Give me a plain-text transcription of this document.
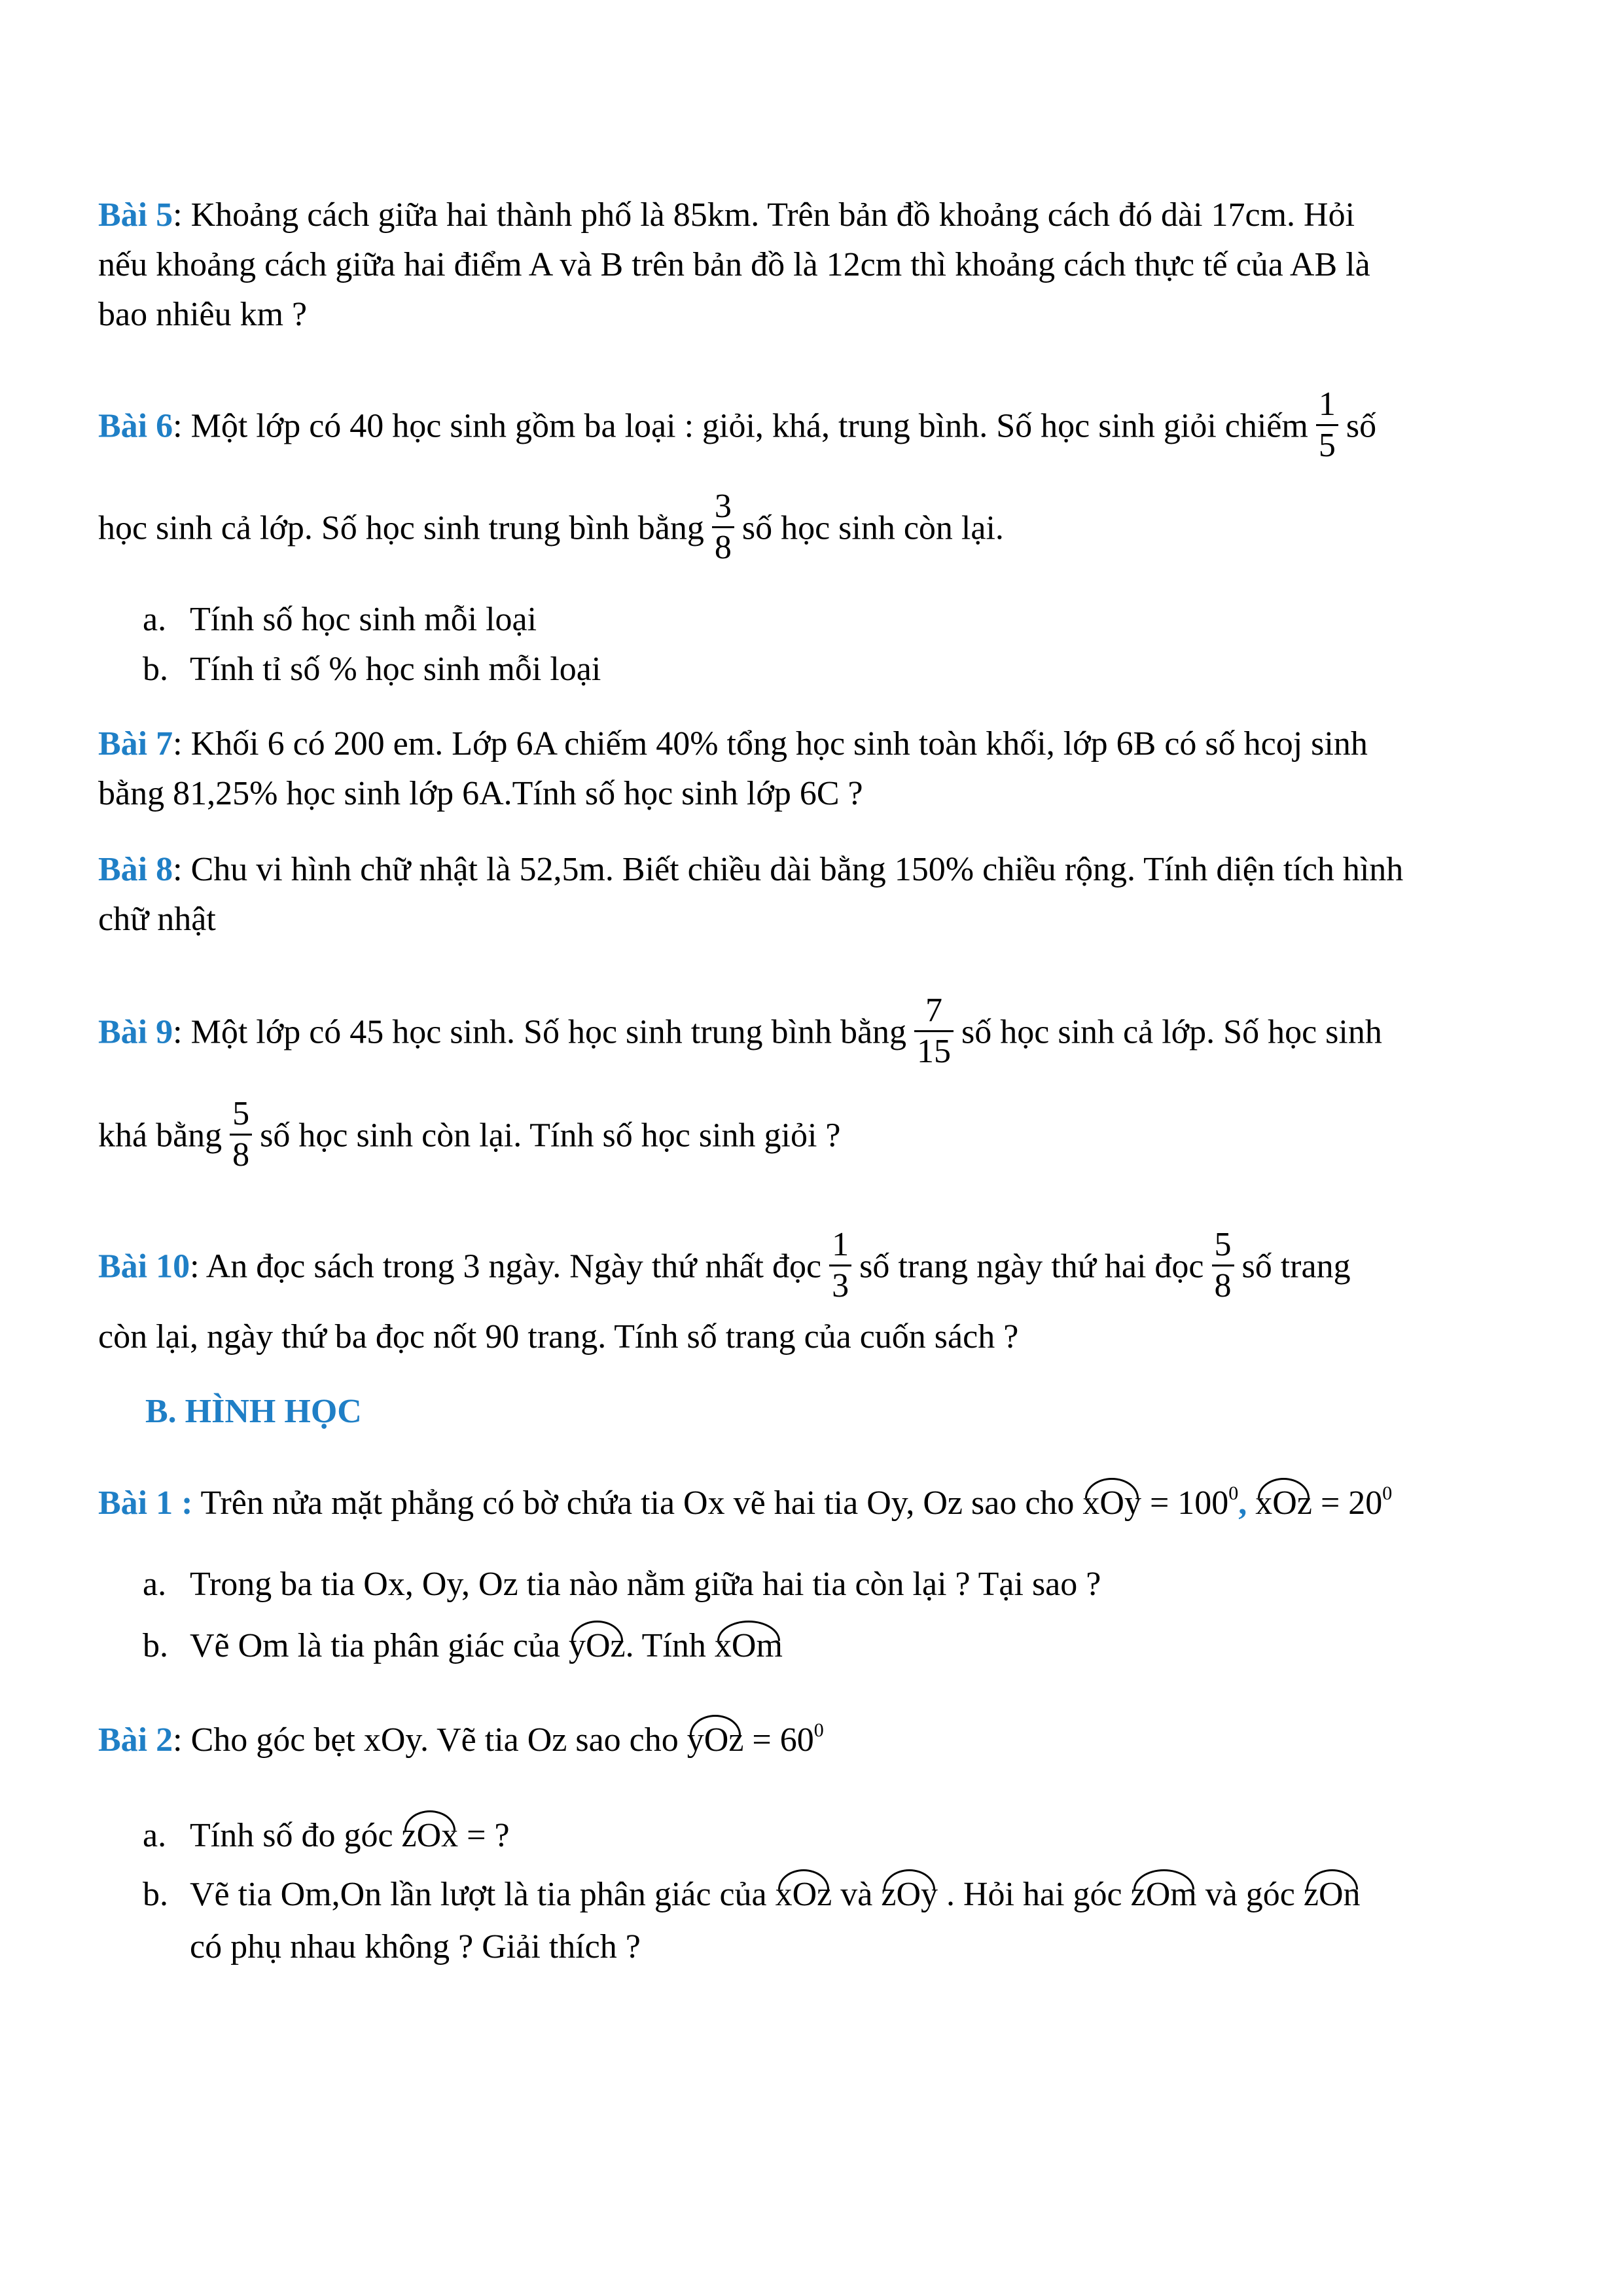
Bài 5: Khoảng cách giữa hai thành phố là 85km. Trên bản đồ khoảng cách đó dài 17cm. Hỏi
nếu khoảng cách giữa hai điểm A và B trên bản đồ là 12cm thì khoảng cách thực tế của AB là
bao nhiêu km ?
Bài 6: Một lớp có 40 học sinh gồm ba loại : giỏi, khá, trung bình. Số học sinh giỏi chiếm $\frac{1}{5}$ số
học sinh cả lớp. Số học sinh trung bình bằng $\frac{3}{8}$ số học sinh còn lại.
a. Tính số học sinh mỗi loại
b. Tính tỉ số % học sinh mỗi loại
Bài 7: Khối 6 có 200 em. Lớp 6A chiếm 40% tổng học sinh toàn khối, lớp 6B có số hcoj sinh
bằng 81,25% học sinh lớp 6A.Tính số học sinh lớp 6C ?
Bài 8: Chu vi hình chữ nhật là 52,5m. Biết chiều dài bằng 150% chiều rộng. Tính diện tích hình
chữ nhật
Bài 9: Một lớp có 45 học sinh. Số học sinh trung bình bằng $\frac{7}{15}$ số học sinh cả lớp. Số học sinh
khá bằng $\frac{5}{8}$ số học sinh còn lại. Tính số học sinh giỏi ?
Bài 10: An đọc sách trong 3 ngày. Ngày thứ nhất đọc $\frac{1}{3}$ số trang ngày thứ hai đọc $\frac{5}{8}$ số trang
còn lại, ngày thứ ba đọc nốt 90 trang. Tính số trang của cuốn sách ?
B. HÌNH HỌC
Bài 1 : Trên nửa mặt phẳng có bờ chứa tia Ox vẽ hai tia Oy, Oz sao cho xOy = $100^0$, xOz = $20^0$
a. Trong ba tia Ox, Oy, Oz tia nào nằm giữa hai tia còn lại ? Tại sao ?
b. Vẽ Om là tia phân giác của yOz. Tính xOm
Bài 2: Cho góc bẹt xOy. Vẽ tia Oz sao cho yOz = $60^0$
a. Tính số đo góc zOx = ?
b. Vẽ tia Om,On lần lượt là tia phân giác của xOz và zOy . Hỏi hai góc zOm và góc zOn
có phụ nhau không ? Giải thích ?
